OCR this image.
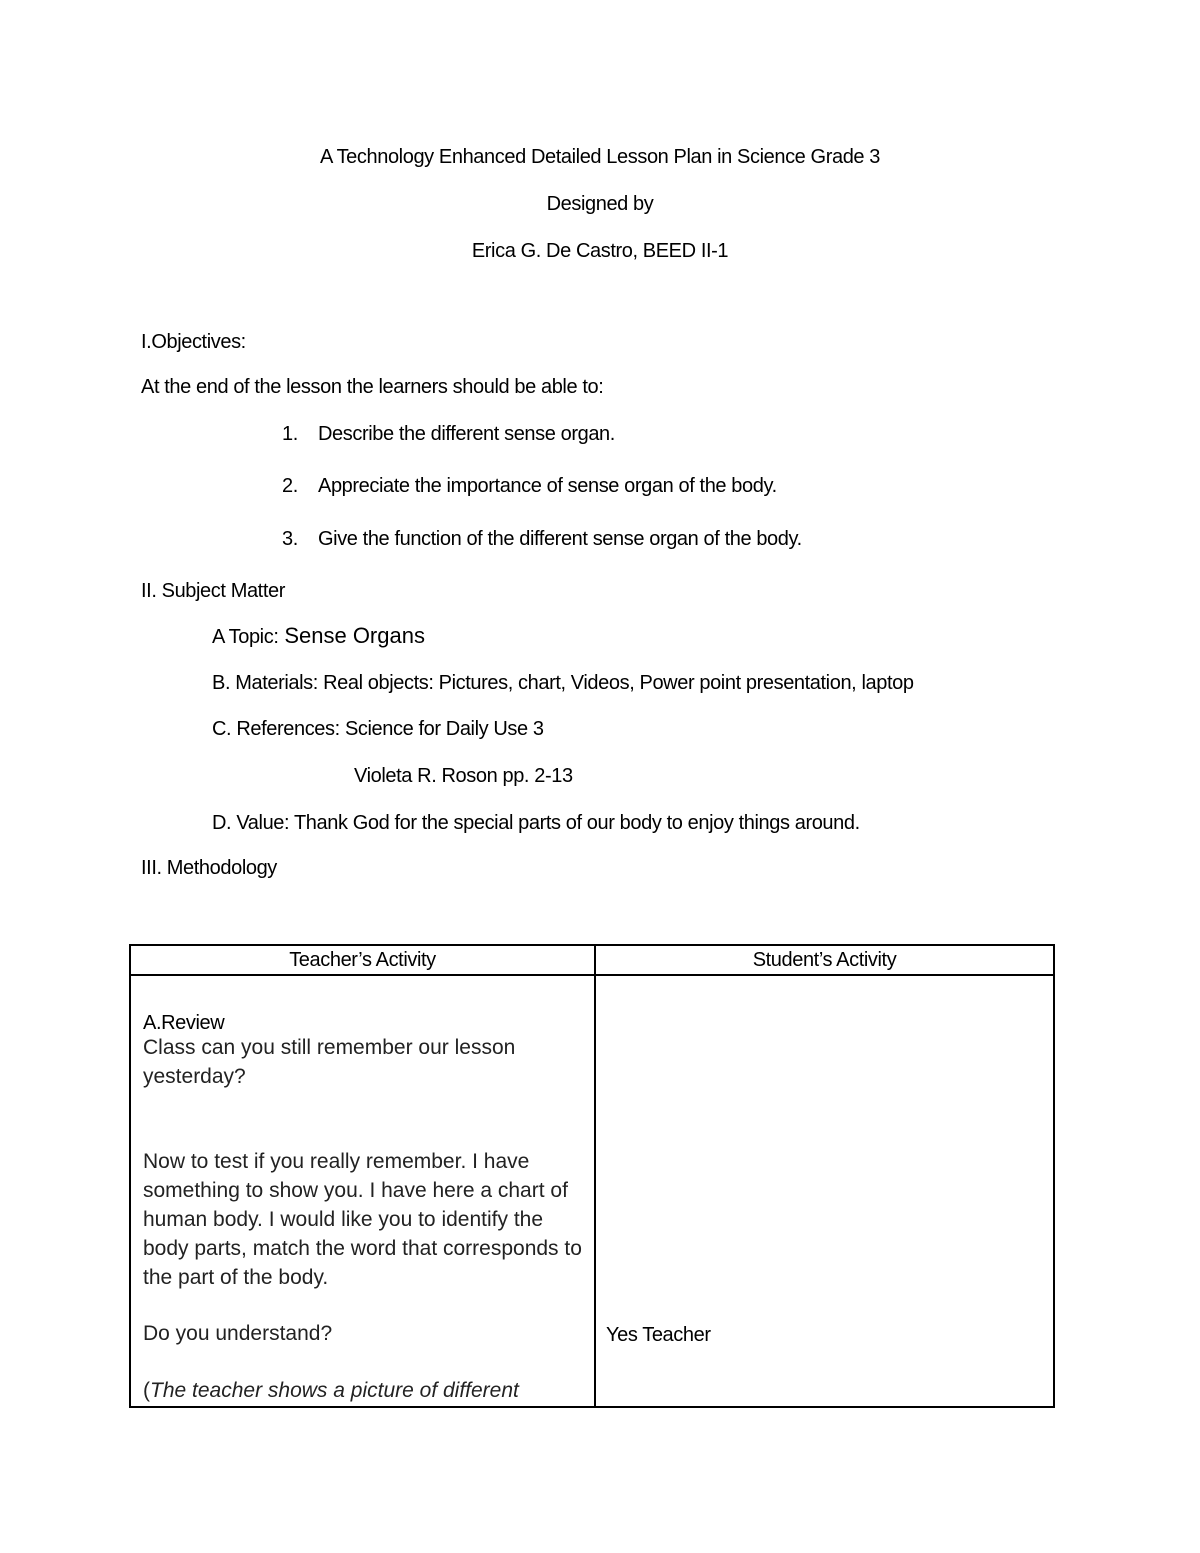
A Technology Enhanced Detailed Lesson Plan in Science Grade 3
Designed by
Erica G. De Castro, BEED II-1
I.Objectives:
At the end of the lesson the learners should be able to:
1. Describe the different sense organ.
2. Appreciate the importance of sense organ of the body.
3. Give the function of the different sense organ of the body.
II. Subject Matter
A Topic: Sense Organs
B. Materials: Real objects: Pictures, chart, Videos, Power point presentation, laptop
C. References: Science for Daily Use 3
Violeta R. Roson pp. 2-13
D. Value: Thank God for the special parts of our body to enjoy things around.
III. Methodology
Teacher’s Activity	Student’s Activity

A.Review
Class can you still remember our lesson yesterday?
Now to test if you really remember. I have something to show you. I have here a chart of human body. I would like you to identify the body parts, match the word that corresponds to the part of the body.
Do you understand?
(The teacher shows a picture of different	Yes Teacher
